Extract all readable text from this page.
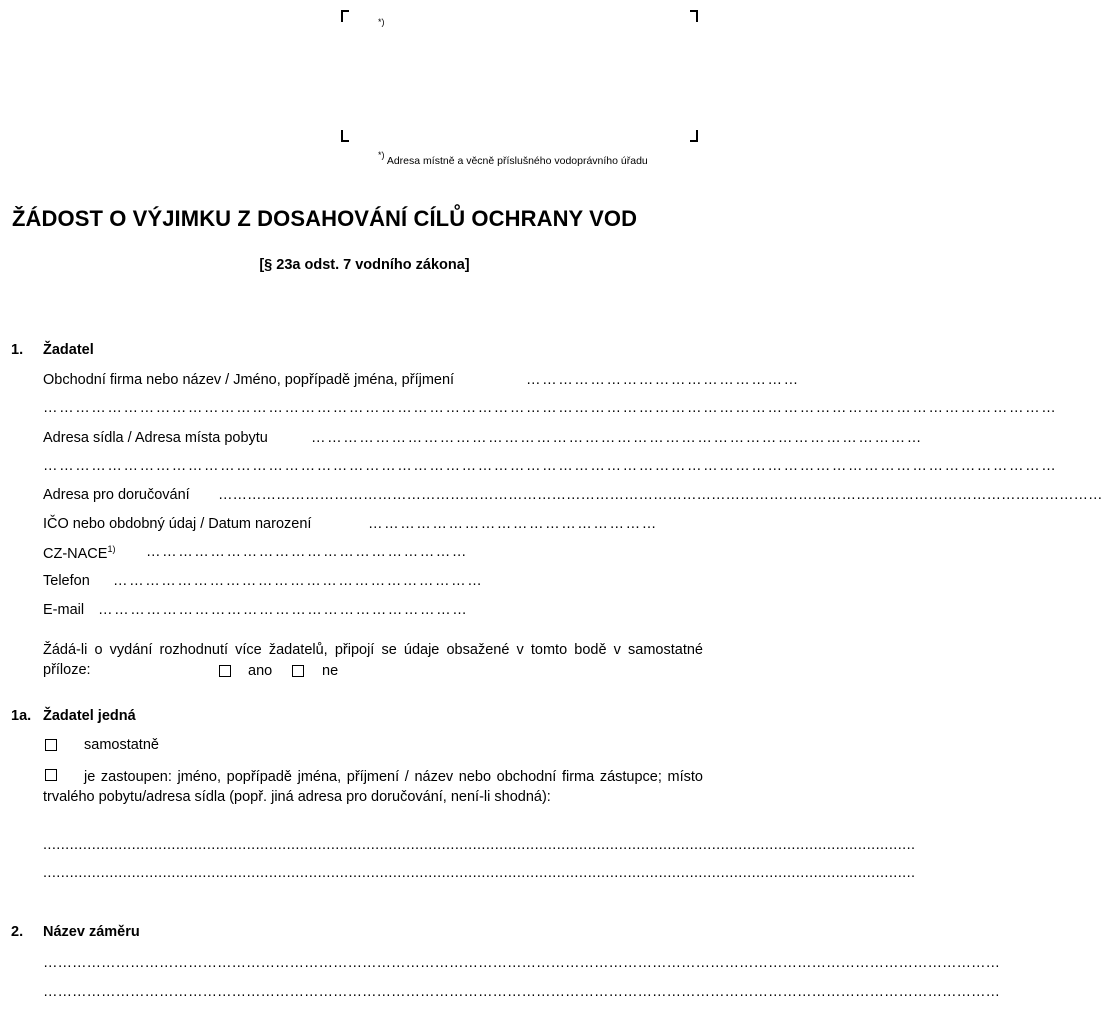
*)
*) Adresa místně a věcně příslušného vodoprávního úřadu
ŽÁDOST O VÝJIMKU Z DOSAHOVÁNÍ CÍLŮ OCHRANY VOD
[§ 23a odst. 7 vodního zákona]
1. Žadatel
Obchodní firma nebo název / Jméno, popřípadě jména, příjmení	……………………………………………
………………………………………………………………………………………………………………………………………………………………………
Adresa sídla / Adresa místa pobytu	……………………………………………………………………………………………………
………………………………………………………………………………………………………………………………………………………………………
Adresa pro doručování …………………………………………………………………………………………………………………………………………………………………
IČO nebo obdobný údaj / Datum narození	………………………………………………
CZ-NACE$^{1)}$ ……………………………………………………
Telefon ……………………………………………………………
E-mail ……………………………………………………………
Žádá-li o vydání rozhodnutí více žadatelů, připojí se údaje obsažené v tomto bodě v samostatné příloze:	ano	ne
1a. Žadatel jedná
samostatně
je zastoupen: jméno, popřípadě jména, příjmení / název nebo obchodní firma zástupce; místo trvalého pobytu/adresa sídla (popř. jiná adresa pro doručování, není-li shodná):
.....................................................................................................................................................................................................
.....................................................................................................................................................................................................
2. Název záměru
………………………………………………………………………………………………………………………………………………………………………………
………………………………………………………………………………………………………………………………………………………………………………
